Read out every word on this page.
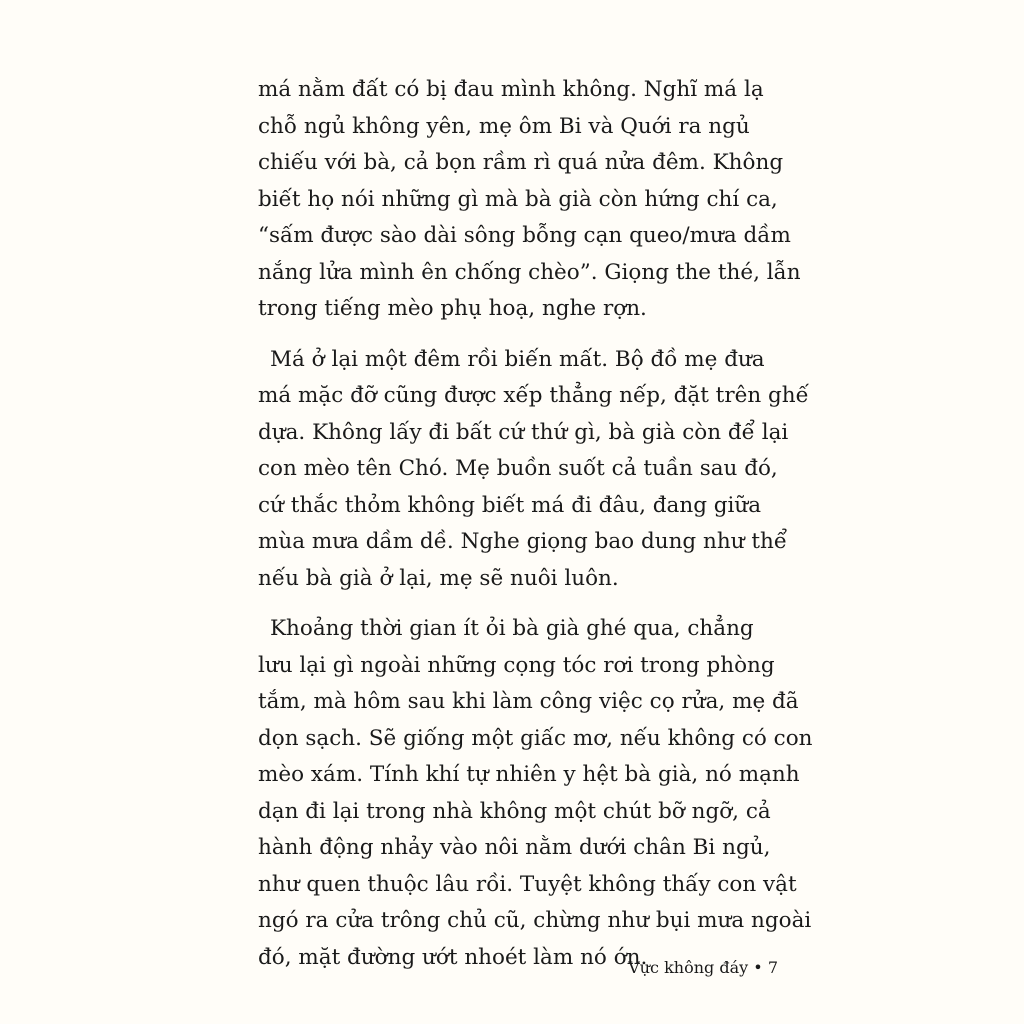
má nằm đất có bị đau mình không. Nghĩ má lạ
chỗ ngủ không yên, mẹ ôm Bi và Quới ra ngủ
chiếu với bà, cả bọn rầm rì quá nửa đêm. Không
biết họ nói những gì mà bà già còn hứng chí ca,
“sấm được sào dài sông bỗng cạn queo/mưa dầm
nắng lửa mình ên chống chèo”. Giọng the thé, lẫn
trong tiếng mèo phụ hoạ, nghe rợn.
Má ở lại một đêm rồi biến mất. Bộ đồ mẹ đưa
má mặc đỡ cũng được xếp thẳng nếp, đặt trên ghế
dựa. Không lấy đi bất cứ thứ gì, bà già còn để lại
con mèo tên Chó. Mẹ buồn suốt cả tuần sau đó,
cứ thắc thỏm không biết má đi đâu, đang giữa
mùa mưa dầm dề. Nghe giọng bao dung như thể
nếu bà già ở lại, mẹ sẽ nuôi luôn.
Khoảng thời gian ít ỏi bà già ghé qua, chẳng
lưu lại gì ngoài những cọng tóc rơi trong phòng
tắm, mà hôm sau khi làm công việc cọ rửa, mẹ đã
dọn sạch. Sẽ giống một giấc mơ, nếu không có con
mèo xám. Tính khí tự nhiên y hệt bà già, nó mạnh
dạn đi lại trong nhà không một chút bỡ ngỡ, cả
hành động nhảy vào nôi nằm dưới chân Bi ngủ,
như quen thuộc lâu rồi. Tuyệt không thấy con vật
ngó ra cửa trông chủ cũ, chừng như bụi mưa ngoài
đó, mặt đường ướt nhoét làm nó ớn.
Vực không đáy • 7
